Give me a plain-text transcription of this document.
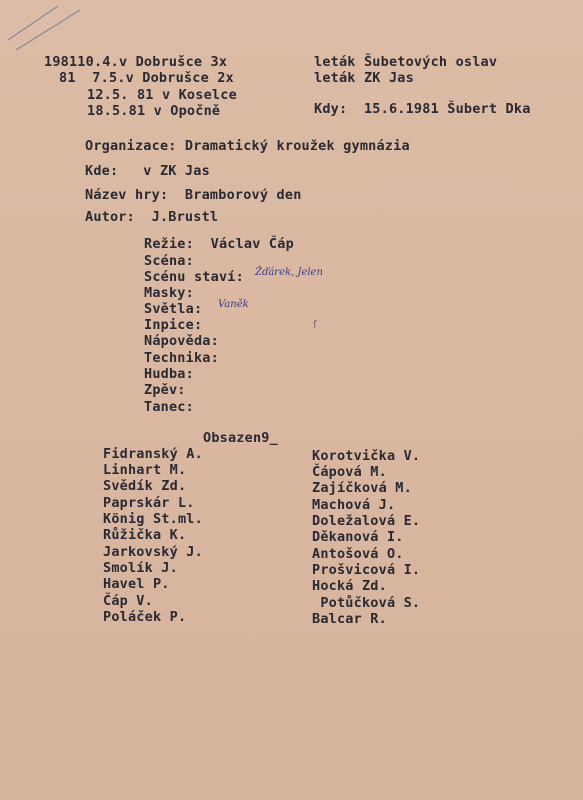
198110.4.v Dobrušce 3x
81  7.5.v Dobrušce 2x
12.5. 81 v Koselce
18.5.81 v Opočně
leták Šubetových oslav
leták ZK Jas
Kdy:  15.6.1981 Šubert Dka
Organizace: Dramatický kroužek gymnázia
Kde:   v ZK Jas
Název hry:  Bramborový den
Autor:  J.Brustl
Režie:  Václav Čáp
Scéna:
Scénu staví: Žďárek, Jelen
Masky:
Světla: Vaněk
ſ
Inpice:
Nápověda:
Technika:
Hudba:
Zpěv:
Tanec:
Obsazen9_
Fidranský A.
Linhart M.
Svědík Zd.
Paprskár L.
König St.ml.
Růžička K.
Jarkovský J.
Smolík J.
Havel P.
Čáp V.
Poláček P.
Korotvička V.
Čápová M.
Zajíčková M.
Machová J.
Doležalová E.
Děkanová I.
Antošová O.
Prošvicová I.
Hocká Zd.
Potůčková S.
Balcar R.
